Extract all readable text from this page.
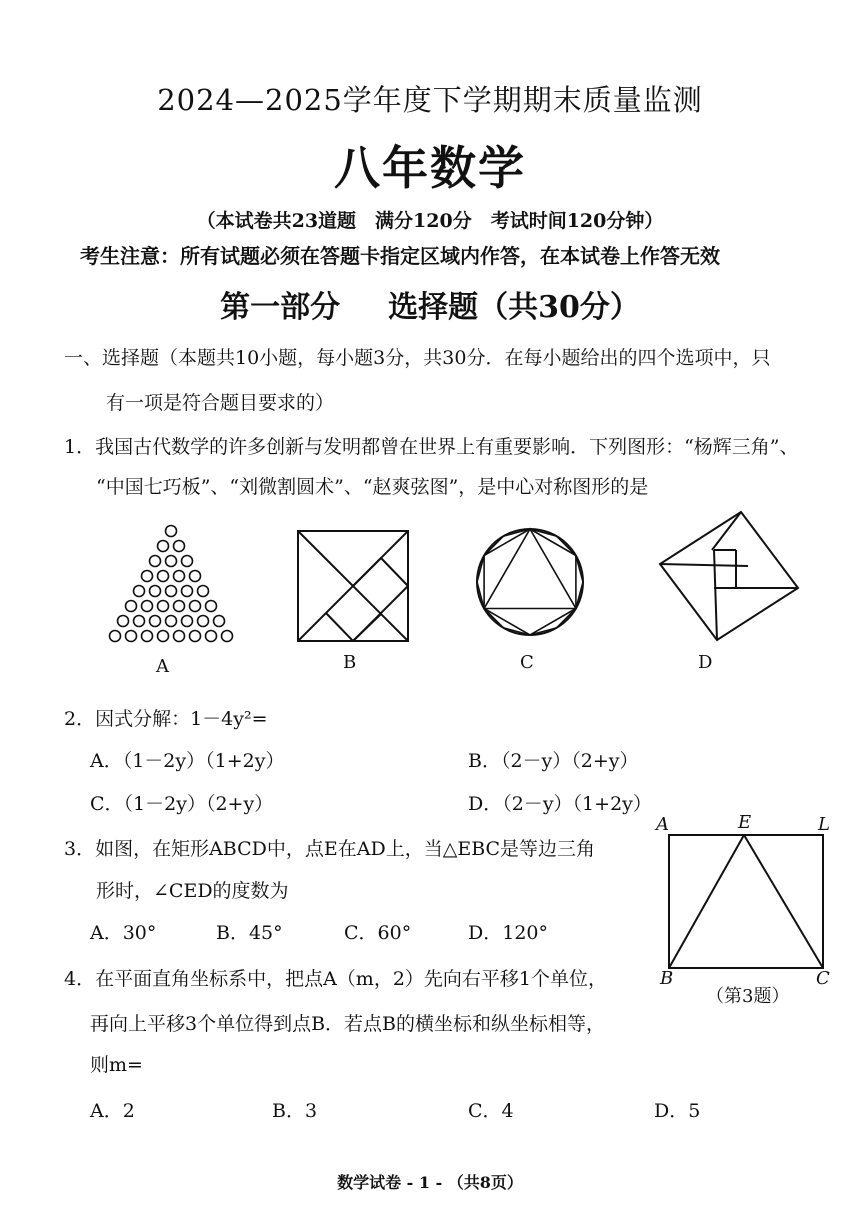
2024—2025学年度下学期期末质量监测
八年数学
（本试卷共23道题　满分120分　考试时间120分钟）
考生注意：所有试题必须在答题卡指定区域内作答，在本试卷上作答无效
第一部分 选择题（共30分）
一、选择题（本题共10小题，每小题3分，共30分．在每小题给出的四个选项中，只
有一项是符合题目要求的）
1．我国古代数学的许多创新与发明都曾在世界上有重要影响．下列图形：“杨辉三角”、
“中国七巧板”、“刘微割圆术”、“赵爽弦图”，是中心对称图形的是
A	B	C	D
2．因式分解：1－4y²=
A．（1－2y）（1+2y）	B．（2－y）（2+y）
C．（1－2y）（2+y）	D．（2－y）（1+2y）
3．如图，在矩形ABCD中，点E在AD上，当△EBC是等边三角
形时，∠CED的度数为
A．30°	B．45°	C．60°	D．120°
A	E	L
B	C
（第3题）
4．在平面直角坐标系中，把点A（m，2）先向右平移1个单位，
再向上平移3个单位得到点B．若点B的横坐标和纵坐标相等，
则m=
A．2	B．3	C．4	D．5
数学试卷 - 1 - （共8页）
